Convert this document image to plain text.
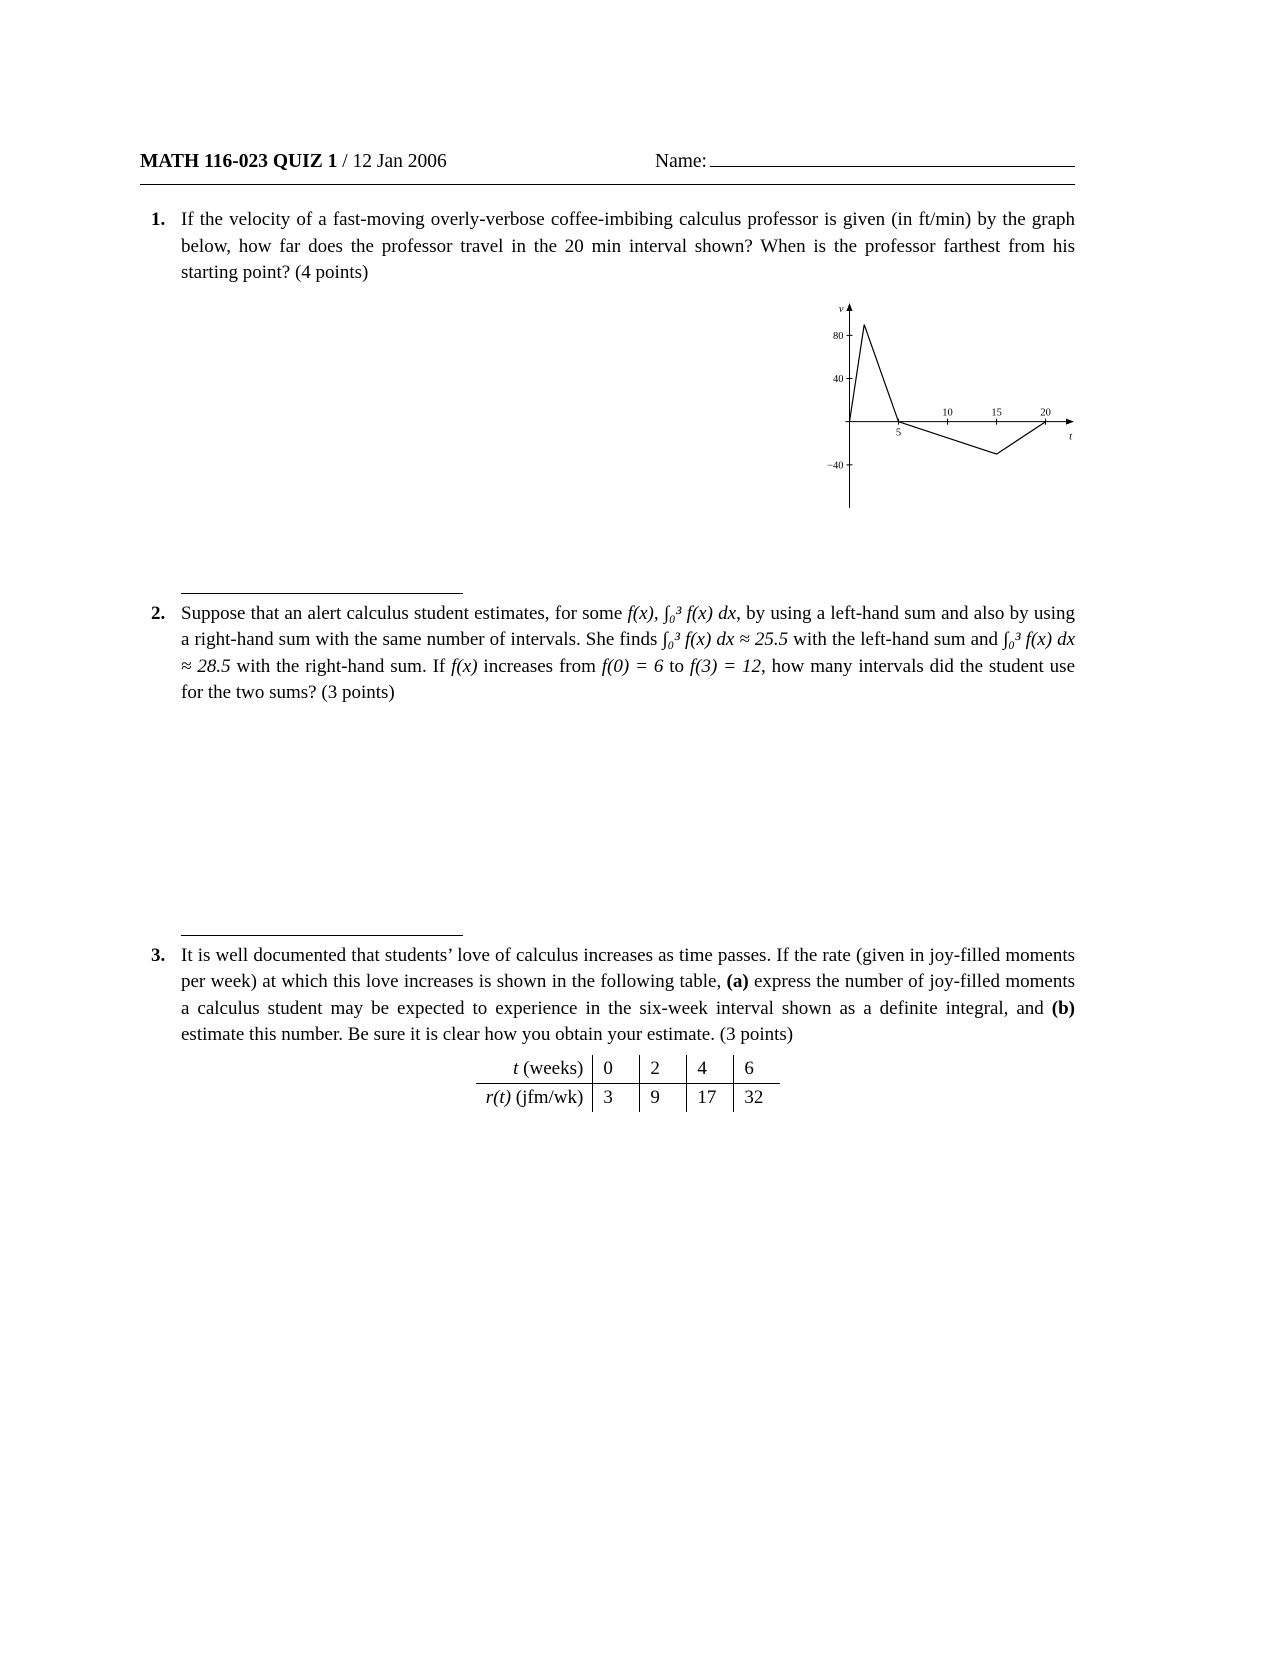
MATH 116-023 QUIZ 1 / 12 Jan 2006	Name:
1. If the velocity of a fast-moving overly-verbose coffee-imbibing calculus professor is given (in ft/min) by the graph below, how far does the professor travel in the 20 min interval shown? When is the professor farthest from his starting point? (4 points)
5
10	15	20
80
40
−40
v
t
2. Suppose that an alert calculus student estimates, for some f(x), ∫₀³ f(x) dx, by using a left-hand sum and also by using a right-hand sum with the same number of intervals. She finds ∫₀³ f(x) dx ≈ 25.5 with the left-hand sum and ∫₀³ f(x) dx ≈ 28.5 with the right-hand sum. If f(x) increases from f(0) = 6 to f(3) = 12, how many intervals did the student use for the two sums? (3 points)
3. It is well documented that students’ love of calculus increases as time passes. If the rate (given in joy-filled moments per week) at which this love increases is shown in the following table, (a) express the number of joy-filled moments a calculus student may be expected to experience in the six-week interval shown as a definite integral, and (b) estimate this number. Be sure it is clear how you obtain your estimate. (3 points)
t (weeks)	0	2	4	6
r(t) (jfm/wk)	3	9	17	32
